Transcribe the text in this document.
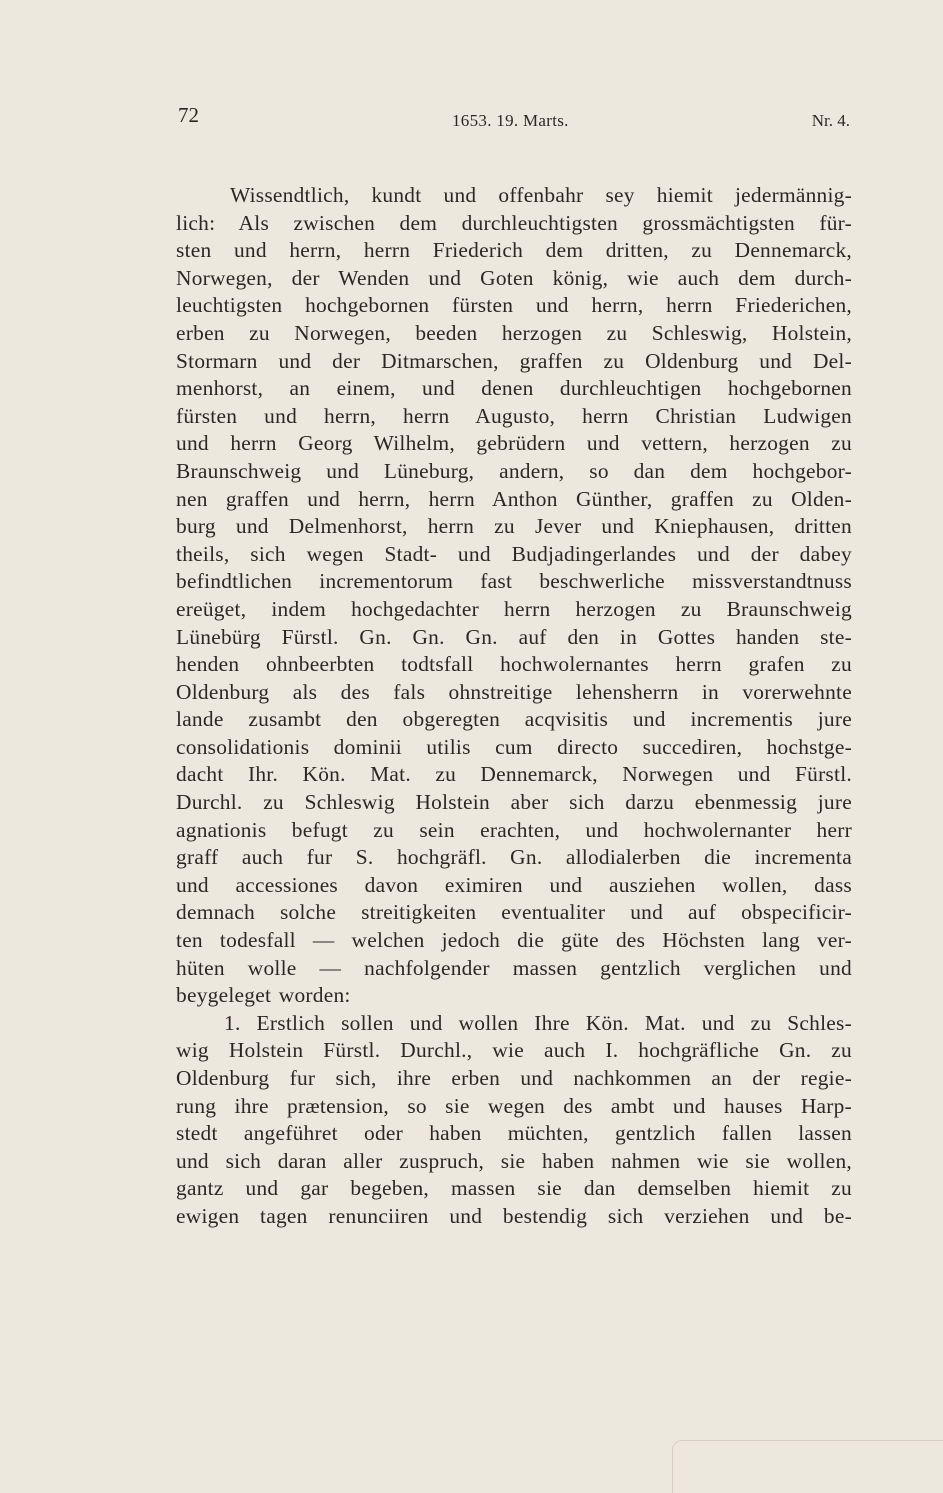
72	1653. 19. Marts.	Nr. 4.
Wissendtlich, kundt und offenbahr sey hiemit jedermännig-
lich: Als zwischen dem durchleuchtigsten grossmächtigsten für-
sten und herrn, herrn Friederich dem dritten, zu Dennemarck,
Norwegen, der Wenden und Goten könig, wie auch dem durch-
leuchtigsten hochgebornen fürsten und herrn, herrn Friederichen,
erben zu Norwegen, beeden herzogen zu Schleswig, Holstein,
Stormarn und der Ditmarschen, graffen zu Oldenburg und Del-
menhorst, an einem, und denen durchleuchtigen hochgebornen
fürsten und herrn, herrn Augusto, herrn Christian Ludwigen
und herrn Georg Wilhelm, gebrüdern und vettern, herzogen zu
Braunschweig und Lüneburg, andern, so dan dem hochgebor-
nen graffen und herrn, herrn Anthon Günther, graffen zu Olden-
burg und Delmenhorst, herrn zu Jever und Kniephausen, dritten
theils, sich wegen Stadt- und Budjadingerlandes und der dabey
befindtlichen incrementorum fast beschwerliche missverstandtnuss
ereüget, indem hochgedachter herrn herzogen zu Braunschweig
Lünebürg Fürstl. Gn. Gn. Gn. auf den in Gottes handen ste-
henden ohnbeerbten todtsfall hochwolernantes herrn grafen zu
Oldenburg als des fals ohnstreitige lehensherrn in vorerwehnte
lande zusambt den obgeregten acqvisitis und incrementis jure
consolidationis dominii utilis cum directo succediren, hochstge-
dacht Ihr. Kön. Mat. zu Dennemarck, Norwegen und Fürstl.
Durchl. zu Schleswig Holstein aber sich darzu ebenmessig jure
agnationis befugt zu sein erachten, und hochwolernanter herr
graff auch fur S. hochgräfl. Gn. allodialerben die incrementa
und accessiones davon eximiren und ausziehen wollen, dass
demnach solche streitigkeiten eventualiter und auf obspecificir-
ten todesfall — welchen jedoch die güte des Höchsten lang ver-
hüten wolle — nachfolgender massen gentzlich verglichen und
beygeleget worden:
1. Erstlich sollen und wollen Ihre Kön. Mat. und zu Schles-
wig Holstein Fürstl. Durchl., wie auch I. hochgräfliche Gn. zu
Oldenburg fur sich, ihre erben und nachkommen an der regie-
rung ihre prætension, so sie wegen des ambt und hauses Harp-
stedt angeführet oder haben müchten, gentzlich fallen lassen
und sich daran aller zuspruch, sie haben nahmen wie sie wollen,
gantz und gar begeben, massen sie dan demselben hiemit zu
ewigen tagen renunciiren und bestendig sich verziehen und be-
